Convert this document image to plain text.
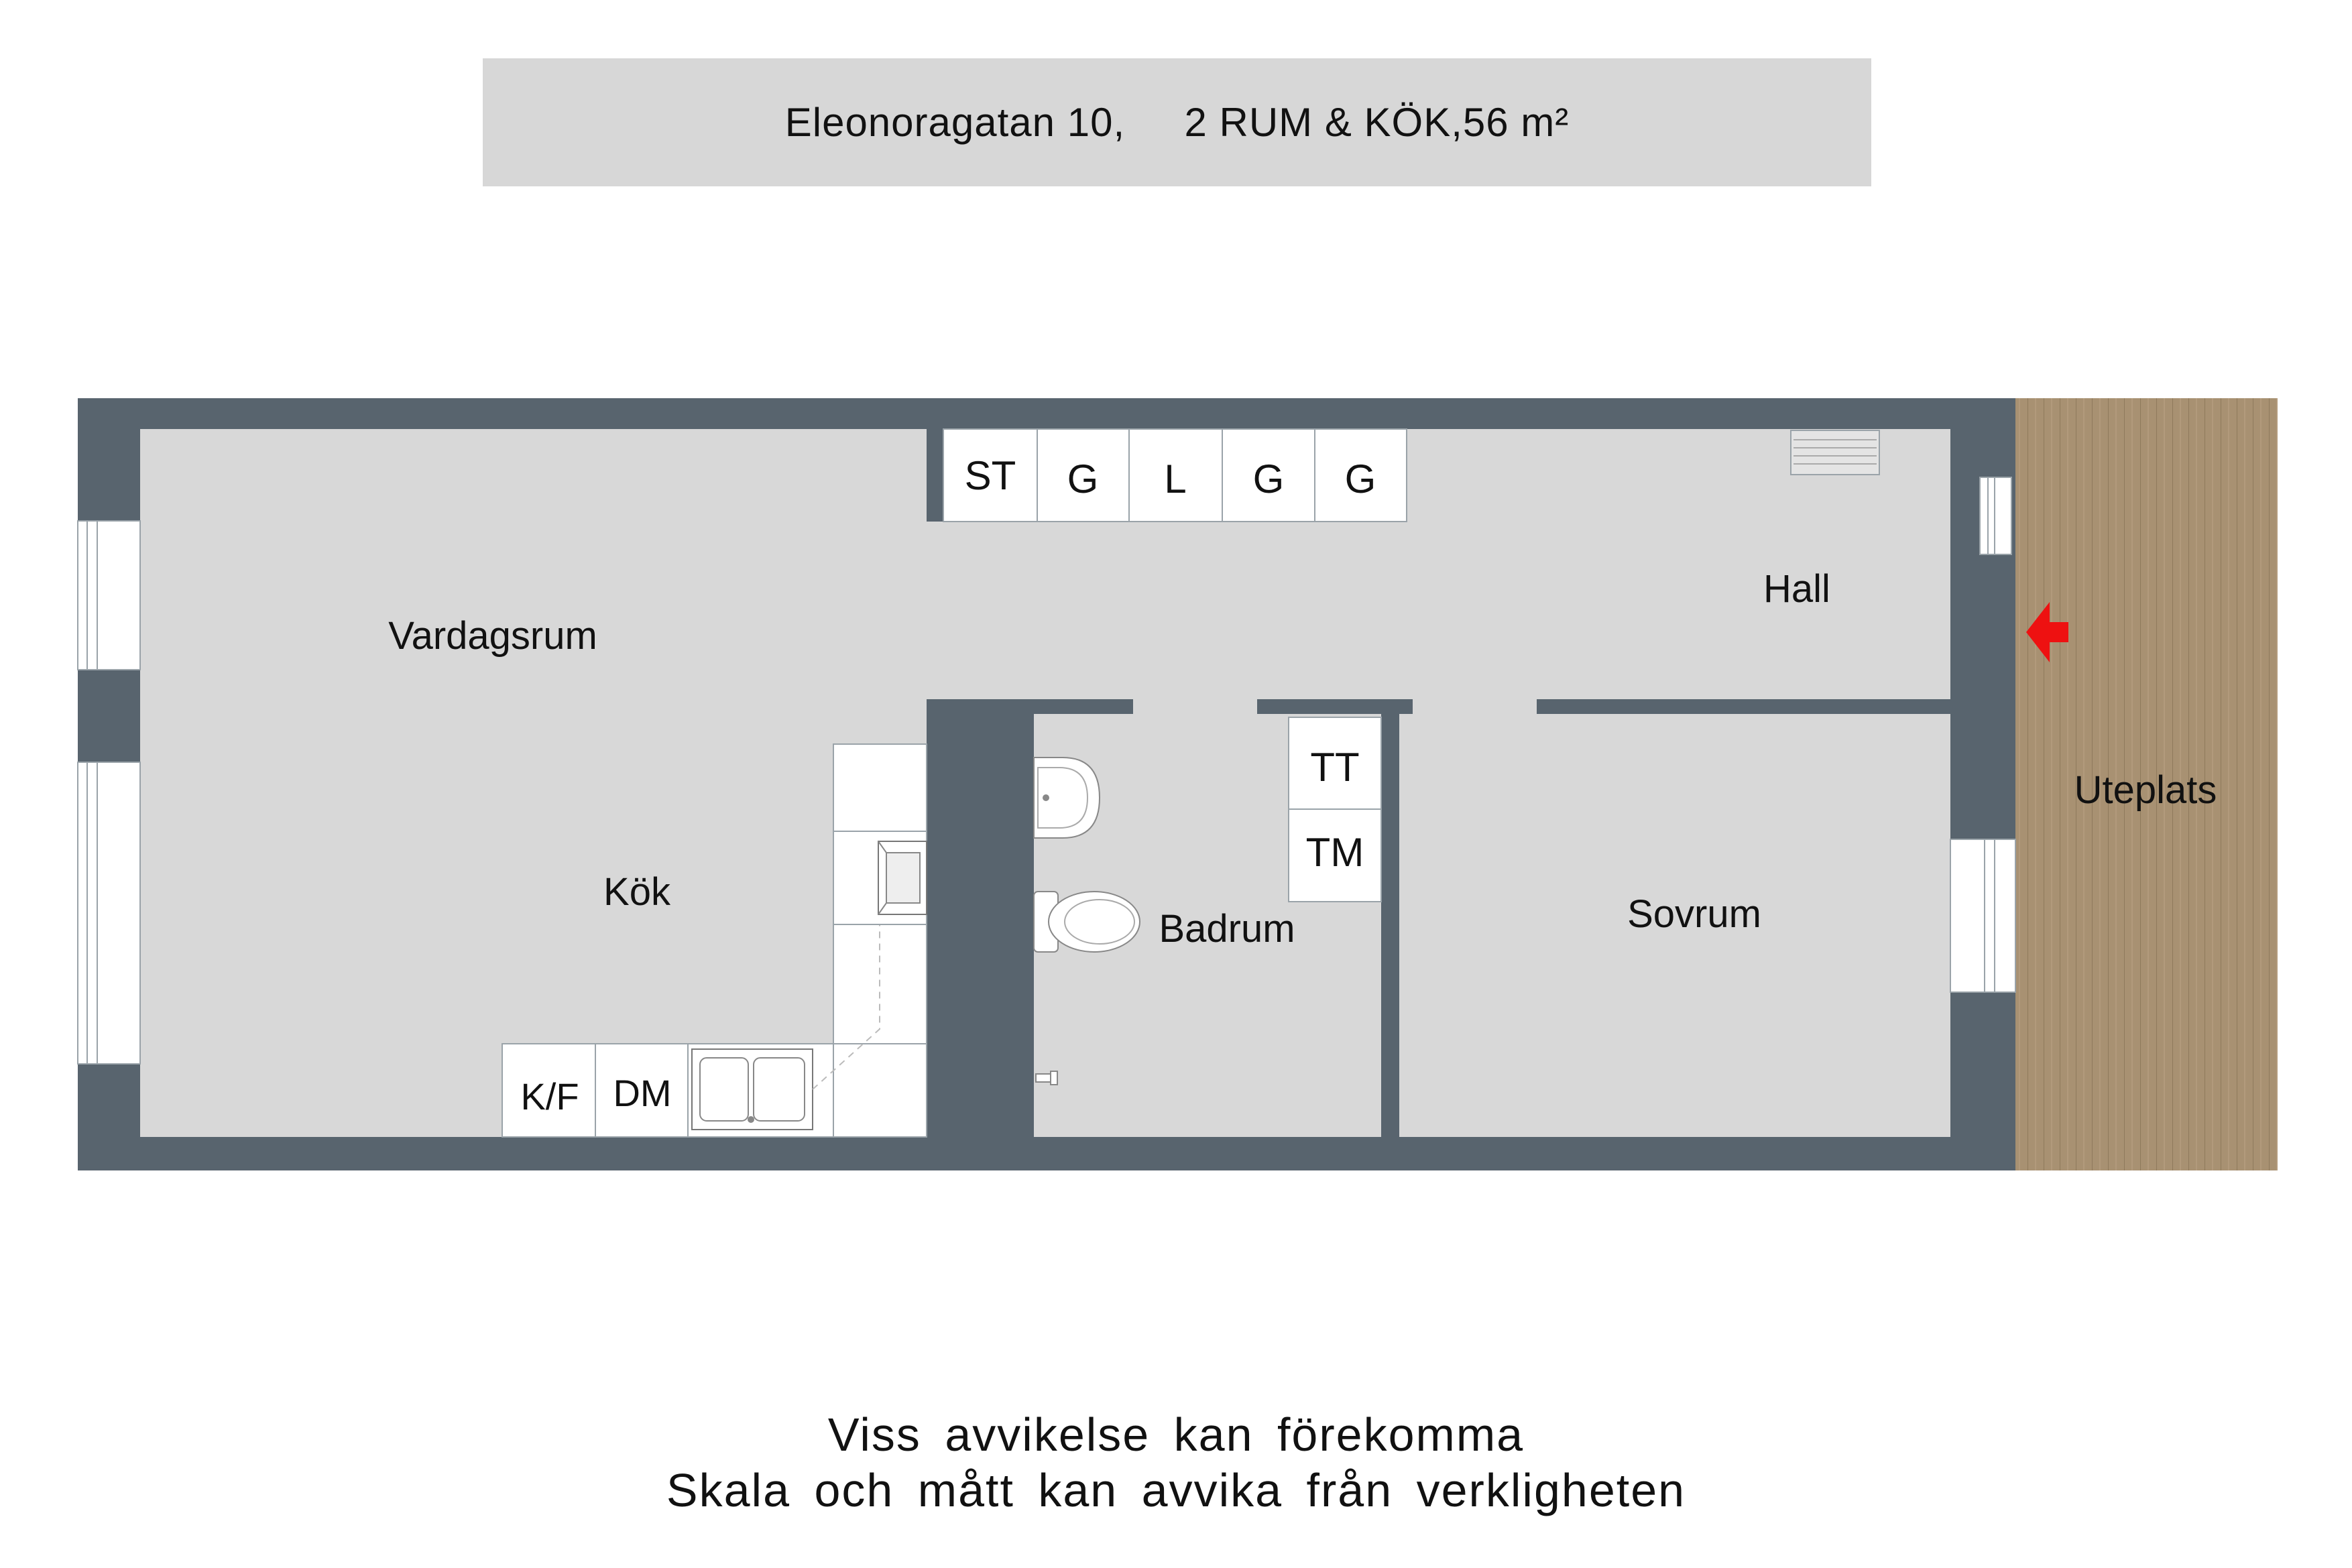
Eleonoragatan 10,
2 RUM & KÖK,56 m²
ST G L G G
K/F DM
TT
TM
Vardagsrum
Kök
Hall
Badrum	Sovrum
Uteplats
Viss avvikelse kan förekomma
Skala och mått kan avvika från verkligheten
